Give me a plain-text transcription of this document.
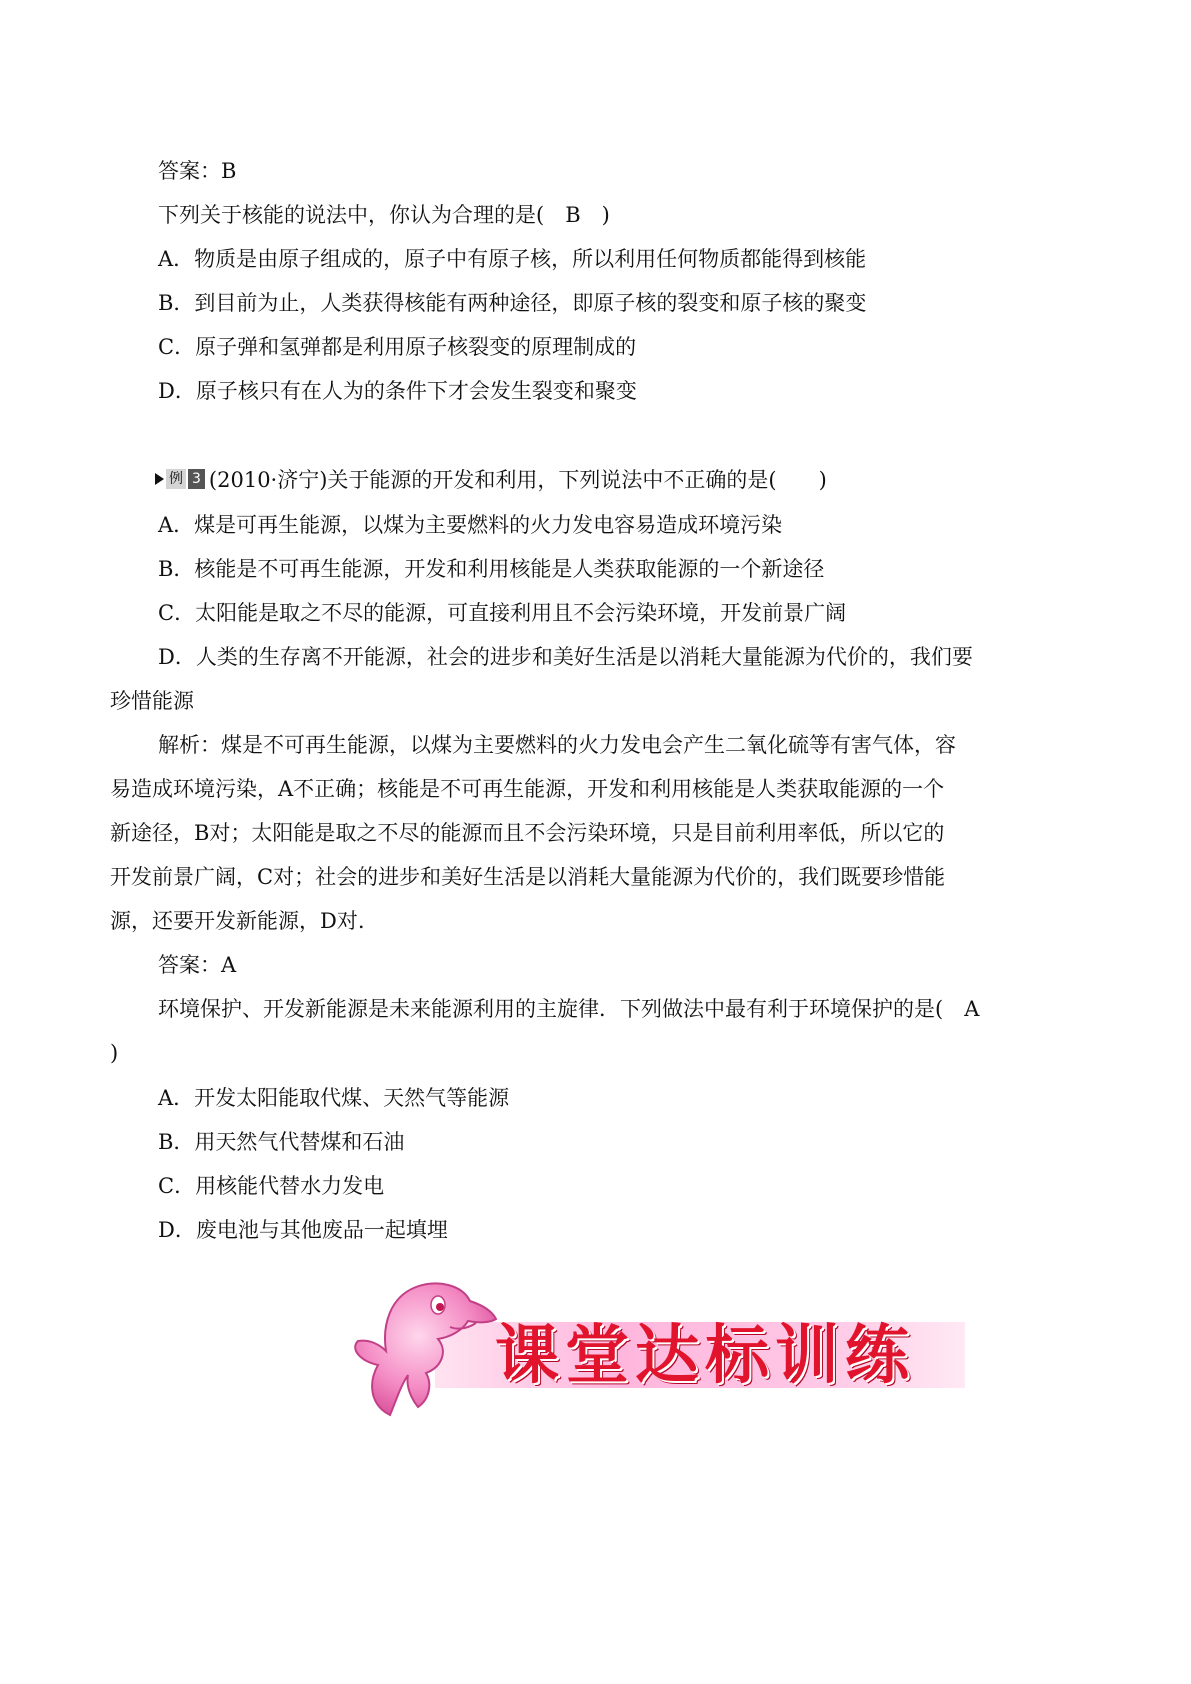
答案：B
下列关于核能的说法中，你认为合理的是(　B　)
A．物质是由原子组成的，原子中有原子核，所以利用任何物质都能得到核能
B．到目前为止，人类获得核能有两种途径，即原子核的裂变和原子核的聚变
C．原子弹和氢弹都是利用原子核裂变的原理制成的
D．原子核只有在人为的条件下才会发生裂变和聚变
例 3 (2010·济宁)关于能源的开发和利用，下列说法中不正确的是(　　)
A．煤是可再生能源，以煤为主要燃料的火力发电容易造成环境污染
B．核能是不可再生能源，开发和利用核能是人类获取能源的一个新途径
C．太阳能是取之不尽的能源，可直接利用且不会污染环境，开发前景广阔
D．人类的生存离不开能源，社会的进步和美好生活是以消耗大量能源为代价的，我们要
珍惜能源
解析：煤是不可再生能源，以煤为主要燃料的火力发电会产生二氧化硫等有害气体，容
易造成环境污染，A不正确；核能是不可再生能源，开发和利用核能是人类获取能源的一个
新途径，B对；太阳能是取之不尽的能源而且不会污染环境，只是目前利用率低，所以它的
开发前景广阔，C对；社会的进步和美好生活是以消耗大量能源为代价的，我们既要珍惜能
源，还要开发新能源，D对.
答案：A
环境保护、开发新能源是未来能源利用的主旋律．下列做法中最有利于环境保护的是(　A
)
A．开发太阳能取代煤、天然气等能源
B．用天然气代替煤和石油
C．用核能代替水力发电
D．废电池与其他废品一起填埋
课堂达标训练
